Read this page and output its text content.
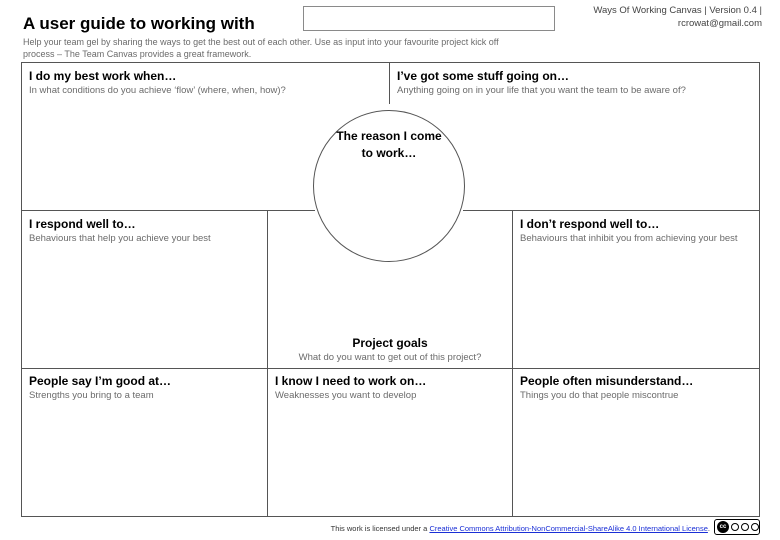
A user guide to working with
Ways Of Working Canvas | Version 0.4 |
rcrowat@gmail.com
Help your team gel by sharing the ways to get the best out of each other. Use as input into your favourite project kick off process – The Team Canvas provides a great framework.
I do my best work when…
In what conditions do you achieve ‘flow’ (where, when, how)?
I’ve got some stuff going on…
Anything going on in your life that you want the team to be aware of?
The reason I come to work…
I respond well to…
Behaviours that help you achieve your best
I don’t respond well to…
Behaviours that inhibit you from achieving your best
Project goals
What do you want to get out of this project?
People say I’m good at…
Strengths you bring to a team
I know I need to work on…
Weaknesses you want to develop
People often misunderstand…
Things you do that people miscontrue
This work is licensed under a Creative Commons Attribution-NonCommercial-ShareAlike 4.0 International License.	cc
